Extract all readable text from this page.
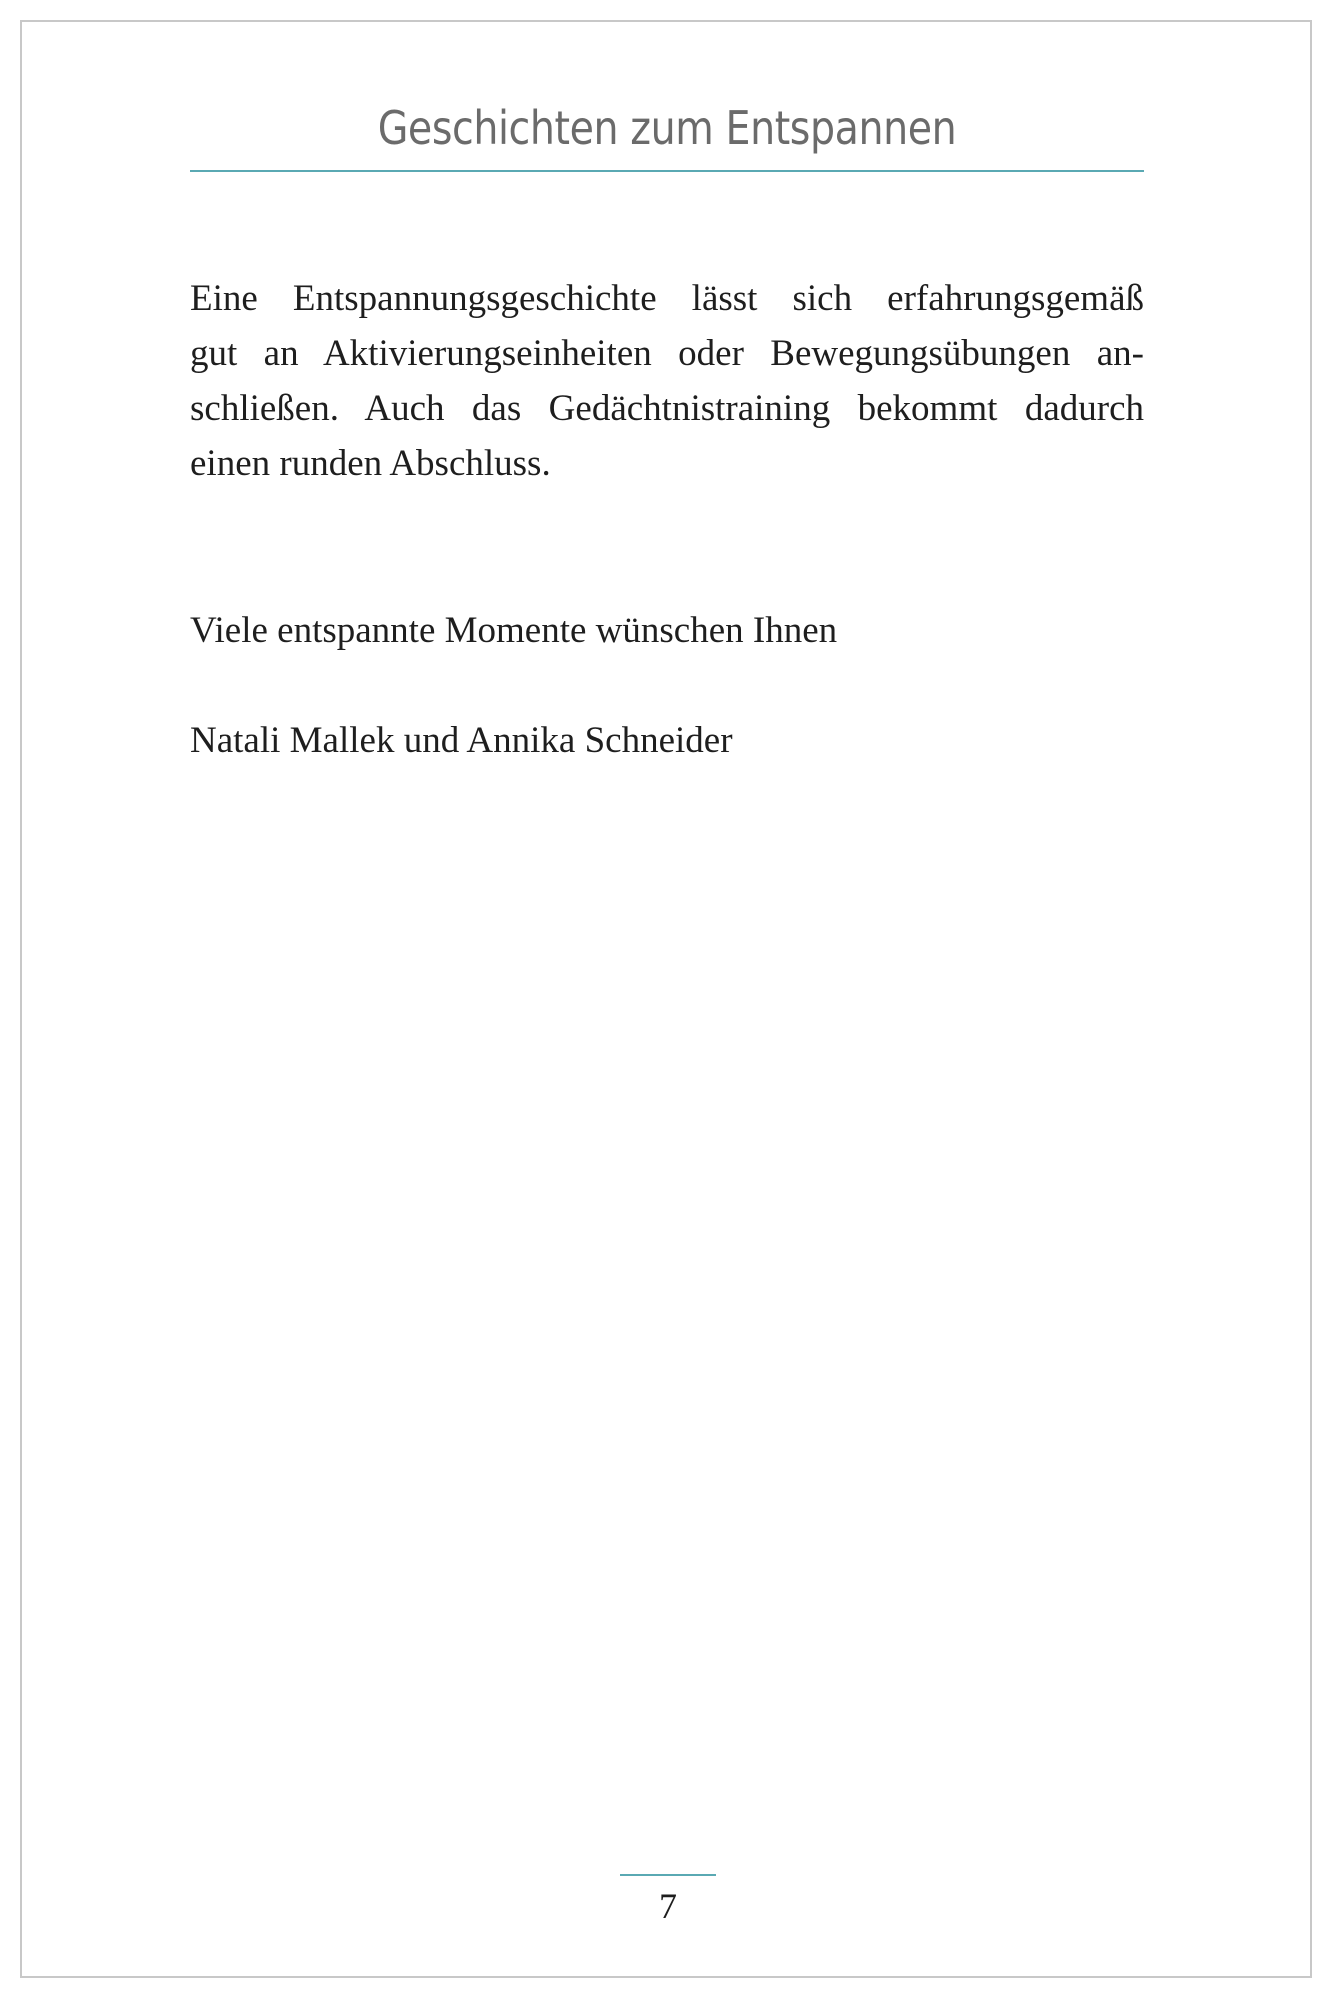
Geschichten zum Entspannen

Eine Entspannungsgeschichte lässt sich erfahrungsgemäß
gut an Aktivierungseinheiten oder Bewegungsübungen an-
schließen. Auch das Gedächtnistraining bekommt dadurch
einen runden Abschluss.

Viele entspannte Momente wünschen Ihnen

Natali Mallek und Annika Schneider

7
